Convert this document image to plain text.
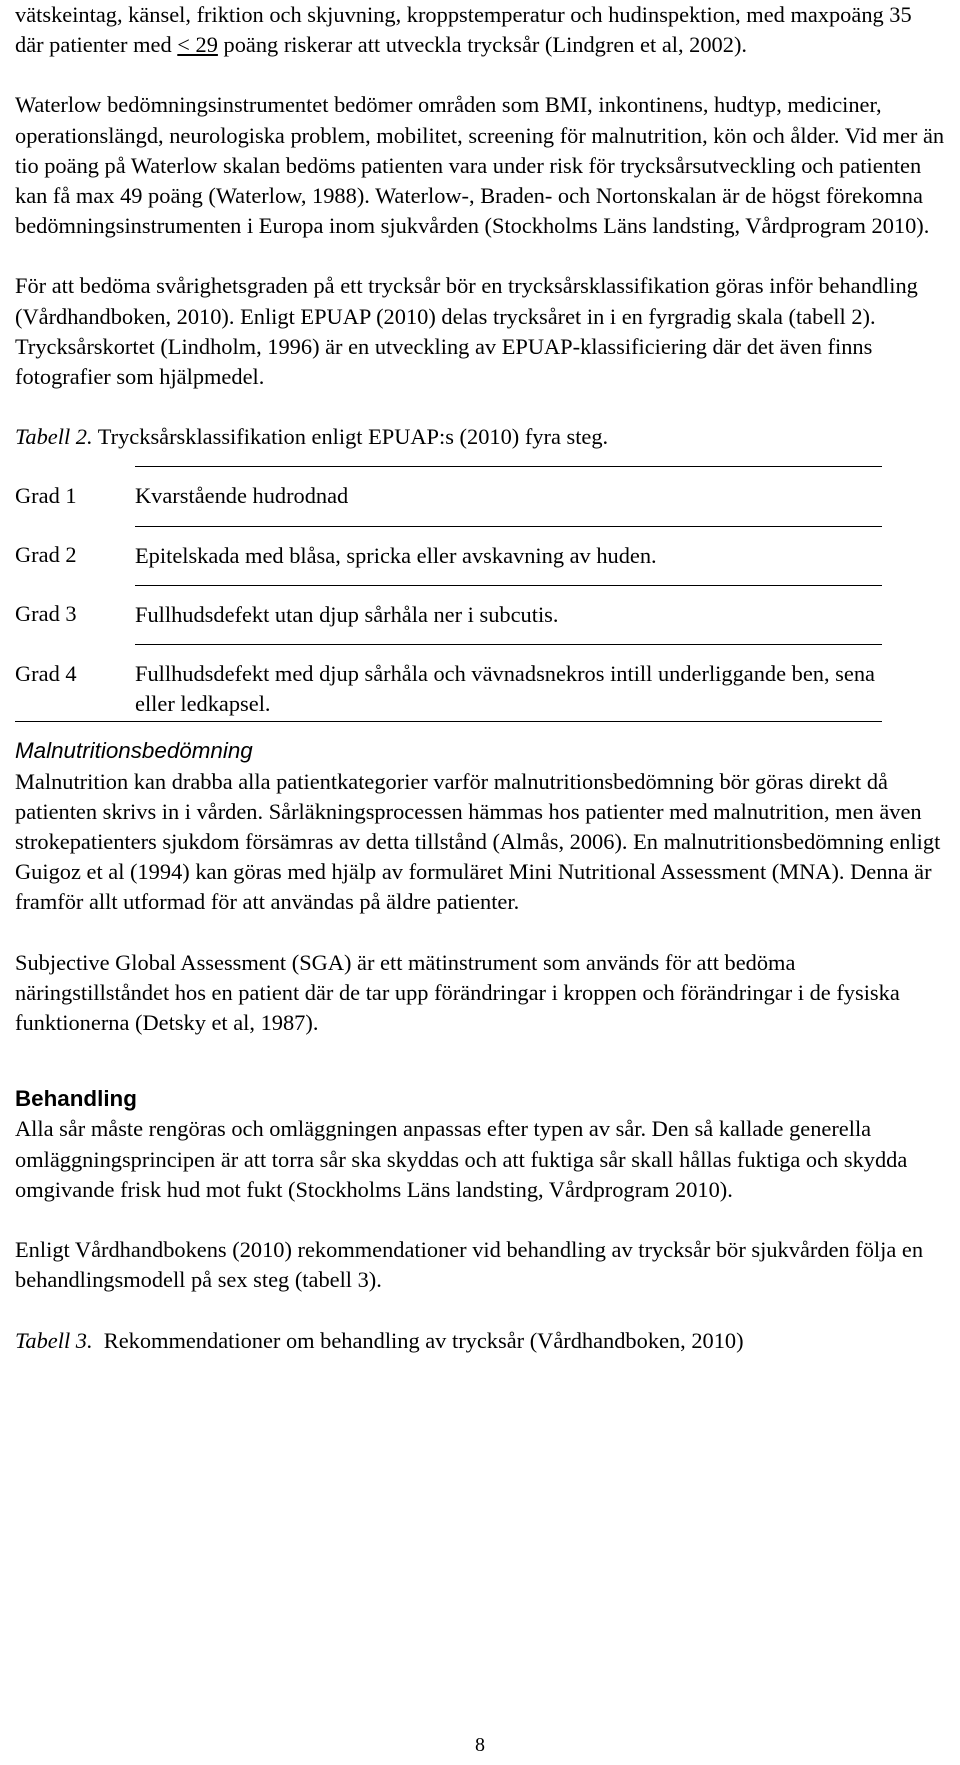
vätskeintag, känsel, friktion och skjuvning, kroppstemperatur och hudinspektion, med maxpoäng 35 där patienter med < 29 poäng riskerar att utveckla trycksår (Lindgren et al, 2002).

Waterlow bedömningsinstrumentet bedömer områden som BMI, inkontinens, hudtyp, mediciner, operationslängd, neurologiska problem, mobilitet, screening för malnutrition, kön och ålder. Vid mer än tio poäng på Waterlow skalan bedöms patienten vara under risk för trycksårsutveckling och patienten kan få max 49 poäng (Waterlow, 1988). Waterlow-, Braden- och Nortonskalan är de högst förekomna bedömningsinstrumenten i Europa inom sjukvården (Stockholms Läns landsting, Vårdprogram 2010).

För att bedöma svårighetsgraden på ett trycksår bör en trycksårsklassifikation göras inför behandling (Vårdhandboken, 2010). Enligt EPUAP (2010) delas trycksåret in i en fyrgradig skala (tabell 2). Trycksårskortet (Lindholm, 1996) är en utveckling av EPUAP-klassificiering där det även finns fotografier som hjälpmedel.

Tabell 2. Trycksårsklassifikation enligt EPUAP:s (2010) fyra steg.

Grad 1	Kvarstående hudrodnad
Grad 2	Epitelskada med blåsa, spricka eller avskavning av huden.
Grad 3	Fullhudsdefekt utan djup sårhåla ner i subcutis.
Grad 4	Fullhudsdefekt med djup sårhåla och vävnadsnekros intill underliggande ben, sena eller ledkapsel.
Malnutritionsbedömning

Malnutrition kan drabba alla patientkategorier varför malnutritionsbedömning bör göras direkt då patienten skrivs in i vården. Sårläkningsprocessen hämmas hos patienter med malnutrition, men även strokepatienters sjukdom försämras av detta tillstånd (Almås, 2006). En malnutritionsbedömning enligt Guigoz et al (1994) kan göras med hjälp av formuläret Mini Nutritional Assessment (MNA). Denna är framför allt utformad för att användas på äldre patienter.

Subjective Global Assessment (SGA) är ett mätinstrument som används för att bedöma näringstillståndet hos en patient där de tar upp förändringar i kroppen och förändringar i de fysiska funktionerna (Detsky et al, 1987).

Behandling

Alla sår måste rengöras och omläggningen anpassas efter typen av sår. Den så kallade generella omläggningsprincipen är att torra sår ska skyddas och att fuktiga sår skall hållas fuktiga och skydda omgivande frisk hud mot fukt (Stockholms Läns landsting, Vårdprogram 2010).

Enligt Vårdhandbokens (2010) rekommendationer vid behandling av trycksår bör sjukvården följa en behandlingsmodell på sex steg (tabell 3).

Tabell 3. Rekommendationer om behandling av trycksår (Vårdhandboken, 2010)

8
